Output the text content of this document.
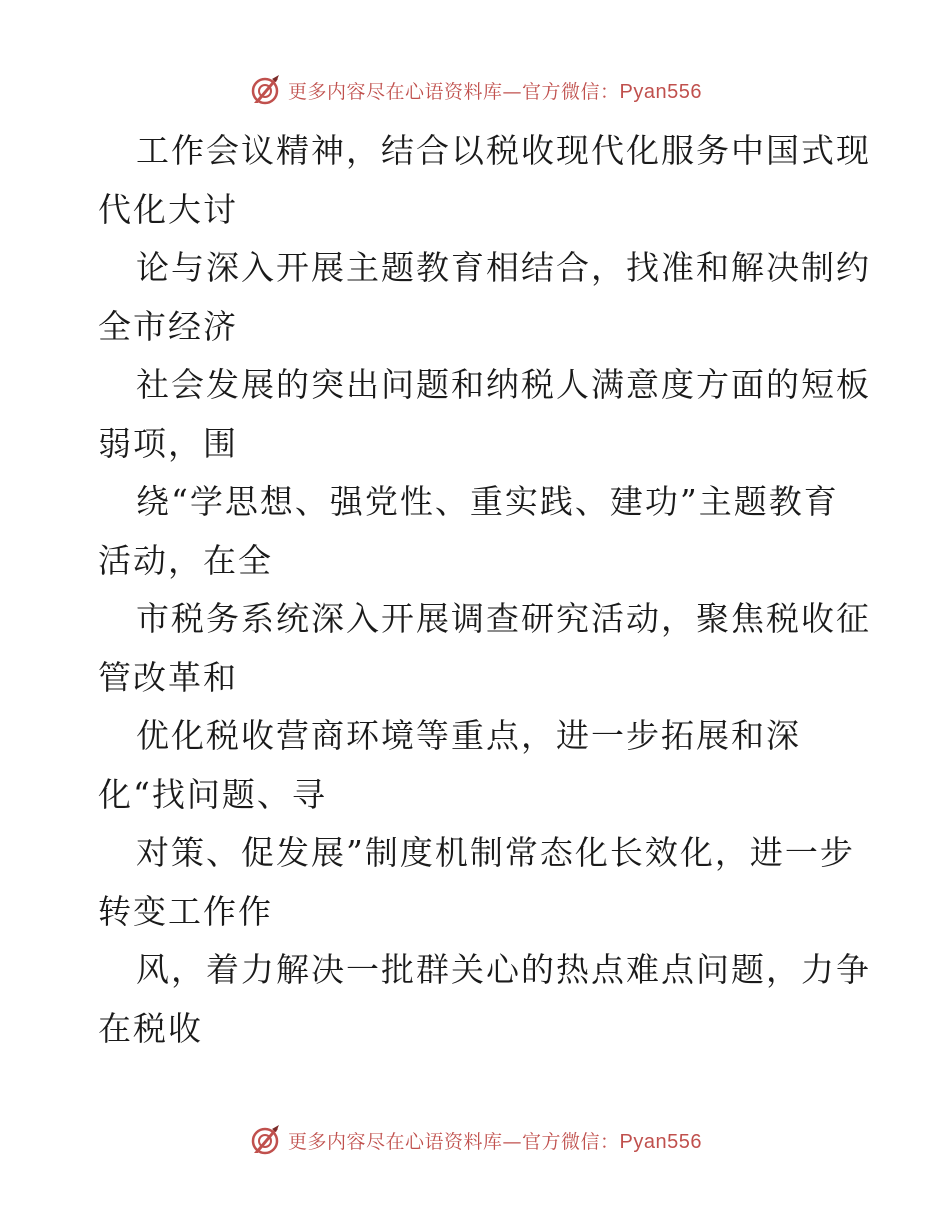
更多内容尽在心语资料库—官方微信：Pyan556
工作会议精神，结合以税收现代化服务中国式现
代化大讨
论与深入开展主题教育相结合，找准和解决制约
全市经济
社会发展的突出问题和纳税人满意度方面的短板
弱项，围
绕“学思想、强党性、重实践、建功”主题教育
活动，在全
市税务系统深入开展调查研究活动，聚焦税收征
管改革和
优化税收营商环境等重点，进一步拓展和深
化“找问题、寻
对策、促发展”制度机制常态化长效化，进一步
转变工作作
风，着力解决一批群关心的热点难点问题，力争
在税收
更多内容尽在心语资料库—官方微信：Pyan556
